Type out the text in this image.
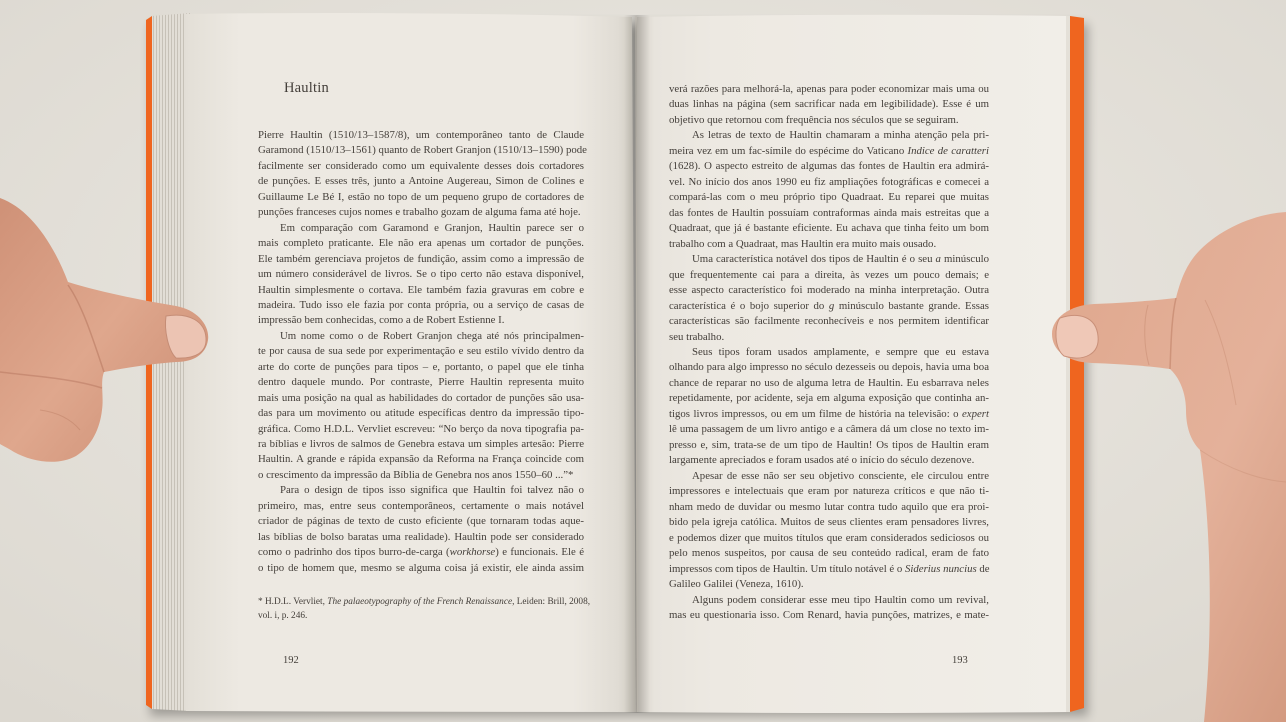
Haultin
Pierre Haultin (1510/13–1587/8), um contemporâneo tanto de Claude
Garamond (1510/13–1561) quanto de Robert Granjon (1510/13–1590) pode
facilmente ser considerado como um equivalente desses dois cortadores
de punções. E esses três, junto a Antoine Augereau, Simon de Colines e
Guillaume Le Bé I, estão no topo de um pequeno grupo de cortadores de
punções franceses cujos nomes e trabalho gozam de alguma fama até hoje.
Em comparação com Garamond e Granjon, Haultin parece ser o
mais completo praticante. Ele não era apenas um cortador de punções.
Ele também gerenciava projetos de fundição, assim como a impressão de
um número considerável de livros. Se o tipo certo não estava disponível,
Haultin simplesmente o cortava. Ele também fazia gravuras em cobre e
madeira. Tudo isso ele fazia por conta própria, ou a serviço de casas de
impressão bem conhecidas, como a de Robert Estienne I.
Um nome como o de Robert Granjon chega até nós principalmen-
te por causa de sua sede por experimentação e seu estilo vívido dentro da
arte do corte de punções para tipos – e, portanto, o papel que ele tinha
dentro daquele mundo. Por contraste, Pierre Haultin representa muito
mais uma posição na qual as habilidades do cortador de punções são usa-
das para um movimento ou atitude específicas dentro da impressão tipo-
gráfica. Como H.D.L. Vervliet escreveu: “No berço da nova tipografia pa-
ra bíblias e livros de salmos de Genebra estava um simples artesão: Pierre
Haultin. A grande e rápida expansão da Reforma na França coincide com
o crescimento da impressão da Bíblia de Genebra nos anos 1550–60 ...”*
Para o design de tipos isso significa que Haultin foi talvez não o
primeiro, mas, entre seus contemporâneos, certamente o mais notável
criador de páginas de texto de custo eficiente (que tornaram todas aque-
las bíblias de bolso baratas uma realidade). Haultin pode ser considerado
como o padrinho dos tipos burro-de-carga (workhorse) e funcionais. Ele é
o tipo de homem que, mesmo se alguma coisa já existir, ele ainda assim
* H.D.L. Vervliet, The palaeotypography of the French Renaissance, Leiden: Brill, 2008,
vol. i, p. 246.
192
verá razões para melhorá-la, apenas para poder economizar mais uma ou
duas linhas na página (sem sacrificar nada em legibilidade). Esse é um
objetivo que retornou com frequência nos séculos que se seguiram.
As letras de texto de Haultin chamaram a minha atenção pela pri-
meira vez em um fac-símile do espécime do Vaticano Indice de caratteri
(1628). O aspecto estreito de algumas das fontes de Haultin era admirá-
vel. No início dos anos 1990 eu fiz ampliações fotográficas e comecei a
compará-las com o meu próprio tipo Quadraat. Eu reparei que muitas
das fontes de Haultin possuíam contraformas ainda mais estreitas que a
Quadraat, que já é bastante eficiente. Eu achava que tinha feito um bom
trabalho com a Quadraat, mas Haultin era muito mais ousado.
Uma característica notável dos tipos de Haultin é o seu a minúsculo
que frequentemente cai para a direita, às vezes um pouco demais; e
esse aspecto característico foi moderado na minha interpretação. Outra
característica é o bojo superior do g minúsculo bastante grande. Essas
características são facilmente reconhecíveis e nos permitem identificar
seu trabalho.
Seus tipos foram usados amplamente, e sempre que eu estava
olhando para algo impresso no século dezesseis ou depois, havia uma boa
chance de reparar no uso de alguma letra de Haultin. Eu esbarrava neles
repetidamente, por acidente, seja em alguma exposição que continha an-
tigos livros impressos, ou em um filme de história na televisão: o expert
lê uma passagem de um livro antigo e a câmera dá um close no texto im-
presso e, sim, trata-se de um tipo de Haultin! Os tipos de Haultin eram
largamente apreciados e foram usados até o início do século dezenove.
Apesar de esse não ser seu objetivo consciente, ele circulou entre
impressores e intelectuais que eram por natureza críticos e que não ti-
nham medo de duvidar ou mesmo lutar contra tudo aquilo que era proi-
bido pela igreja católica. Muitos de seus clientes eram pensadores livres,
e podemos dizer que muitos títulos que eram considerados sediciosos ou
pelo menos suspeitos, por causa de seu conteúdo radical, eram de fato
impressos com tipos de Haultin. Um título notável é o Siderius nuncius de
Galileo Galilei (Veneza, 1610).
Alguns podem considerar esse meu tipo Haultin como um revival,
mas eu questionaria isso. Com Renard, havia punções, matrizes, e mate-
193
